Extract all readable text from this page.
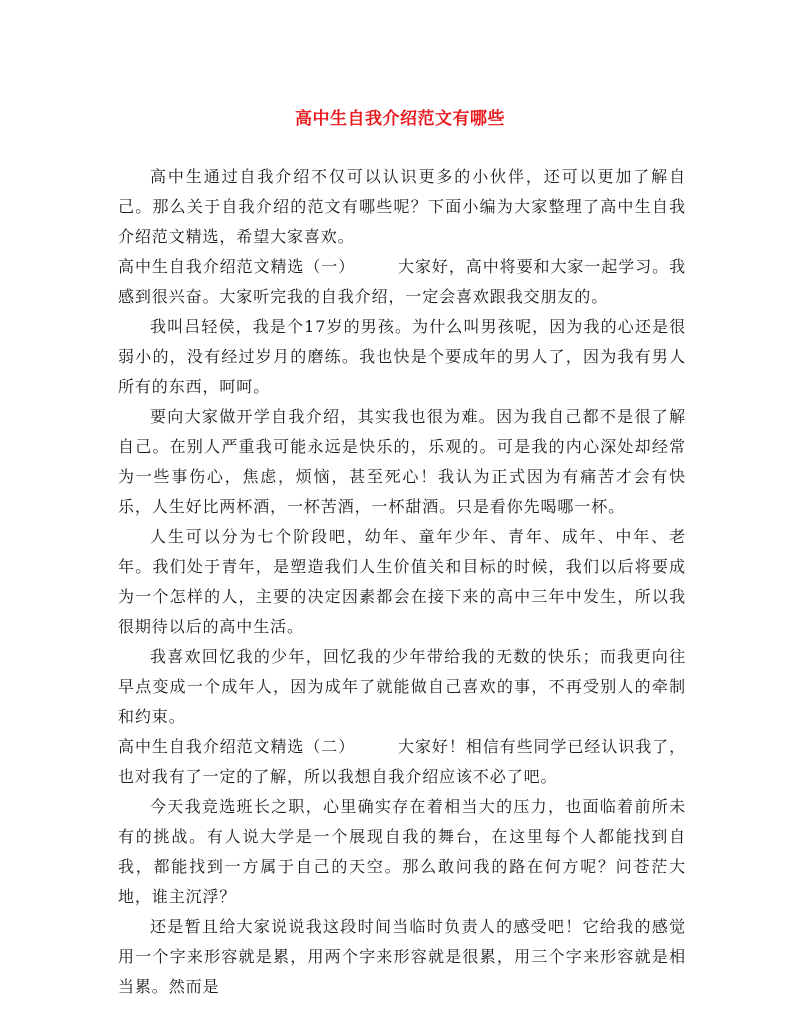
高中生自我介绍范文有哪些

高中生通过自我介绍不仅可以认识更多的小伙伴，还可以更加了解自己。那么关于自我介绍的范文有哪些呢？下面小编为大家整理了高中生自我介绍范文精选，希望大家喜欢。

高中生自我介绍范文精选（一）　　　大家好，高中将要和大家一起学习。我感到很兴奋。大家听完我的自我介绍，一定会喜欢跟我交朋友的。

我叫吕轻侯，我是个17岁的男孩。为什么叫男孩呢，因为我的心还是很弱小的，没有经过岁月的磨练。我也快是个要成年的男人了，因为我有男人所有的东西，呵呵。

要向大家做开学自我介绍，其实我也很为难。因为我自己都不是很了解自己。在别人严重我可能永远是快乐的，乐观的。可是我的内心深处却经常为一些事伤心，焦虑，烦恼，甚至死心！我认为正式因为有痛苦才会有快乐，人生好比两杯酒，一杯苦酒，一杯甜酒。只是看你先喝哪一杯。

人生可以分为七个阶段吧，幼年、童年少年、青年、成年、中年、老年。我们处于青年，是塑造我们人生价值关和目标的时候，我们以后将要成为一个怎样的人，主要的决定因素都会在接下来的高中三年中发生，所以我很期待以后的高中生活。

我喜欢回忆我的少年，回忆我的少年带给我的无数的快乐；而我更向往早点变成一个成年人，因为成年了就能做自己喜欢的事，不再受别人的牵制和约束。

高中生自我介绍范文精选（二）　　　大家好！相信有些同学已经认识我了，也对我有了一定的了解，所以我想自我介绍应该不必了吧。

今天我竞选班长之职，心里确实存在着相当大的压力，也面临着前所未有的挑战。有人说大学是一个展现自我的舞台，在这里每个人都能找到自我，都能找到一方属于自己的天空。那么敢问我的路在何方呢？问苍茫大地，谁主沉浮？

还是暂且给大家说说我这段时间当临时负责人的感受吧！它给我的感觉用一个字来形容就是累，用两个字来形容就是很累，用三个字来形容就是相当累。然而是
